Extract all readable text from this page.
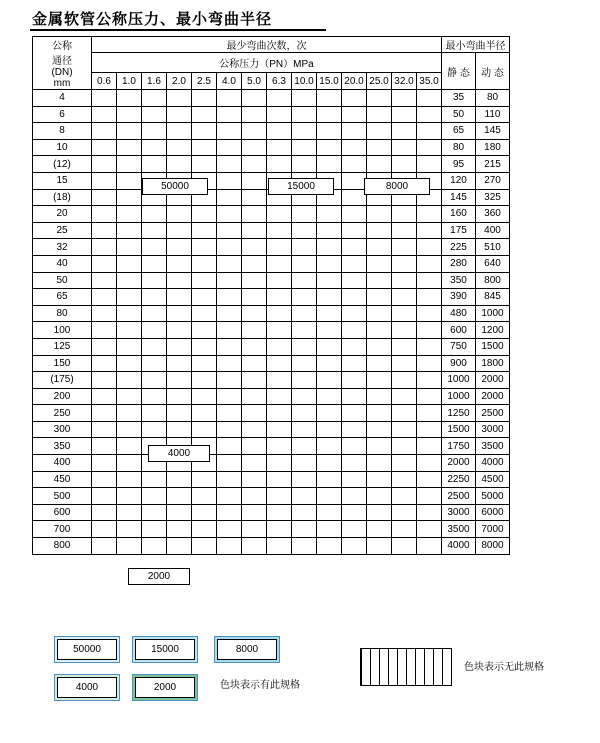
金属软管公称压力、最小弯曲半径
公称
通径
(DN)
mm	最少弯曲次数，次														最小弯曲半径	
	公称压力（PN）MPa														静 态	动 态
	0.6	1.0	1.6	2.0	2.5	4.0	5.0	6.3	10.0	15.0	20.0	25.0	32.0	35.0		
4															35	80
6															50	110
8															65	145
10															80	180
(12)															95	215
15															120	270
(18)															145	325
20															160	360
25															175	400
32															225	510
40															280	640
50															350	800
65															390	845
80															480	1000
100															600	1200
125															750	1500
150															900	1800
(175)															1000	2000
200															1000	2000
250															1250	2500
300															1500	3000
350															1750	3500
400															2000	4000
450															2250	4500
500															2500	5000
600															3000	6000
700															3500	7000
800															4000	8000
50000	15000	8000
4000
2000
50000	15000	8000
4000	2000	色块表示有此规格
色块表示无此规格
